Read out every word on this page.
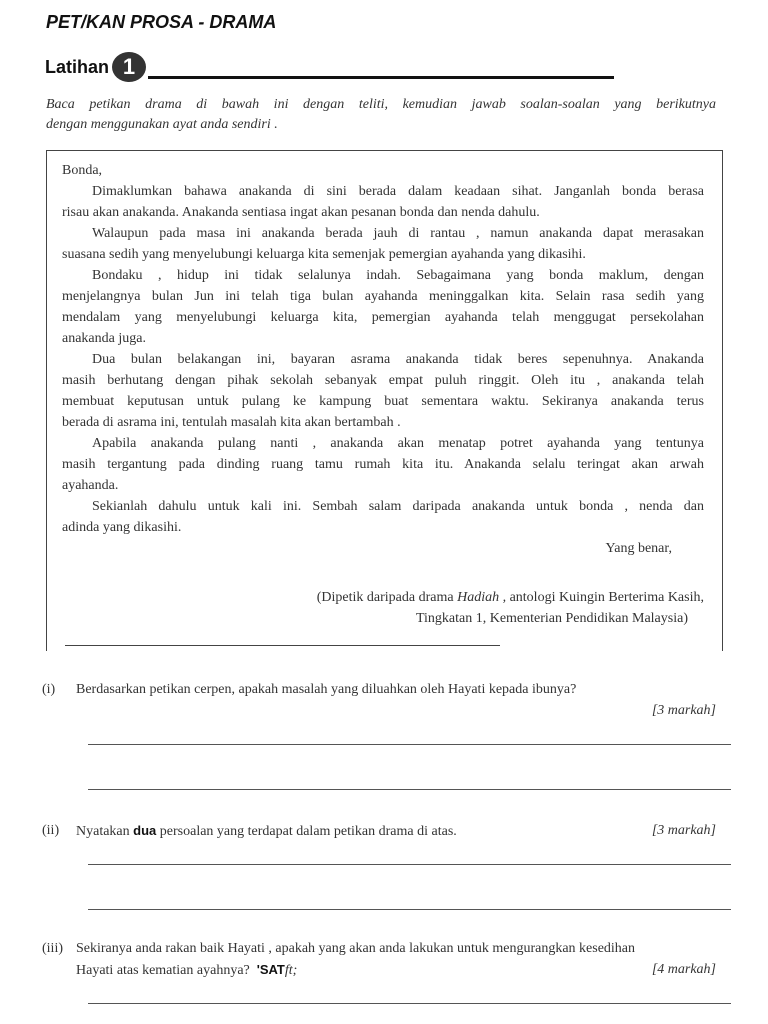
PET/KAN PROSA - DRAMA
Latihan 1
Baca petikan drama di bawah ini dengan teliti, kemudian jawab soalan-soalan yang berikutnya
dengan menggunakan ayat anda sendiri .
Bonda,
Dimaklumkan bahawa anakanda di sini berada dalam keadaan sihat. Janganlah bonda berasa
risau akan anakanda. Anakanda sentiasa ingat akan pesanan bonda dan nenda dahulu.
Walaupun pada masa ini anakanda berada jauh di rantau , namun anakanda dapat merasakan
suasana sedih yang menyelubungi keluarga kita semenjak pemergian ayahanda yang dikasihi.
Bondaku , hidup ini tidak selalunya indah. Sebagaimana yang bonda maklum, dengan
menjelangnya bulan Jun ini telah tiga bulan ayahanda meninggalkan kita. Selain rasa sedih yang
mendalam yang menyelubungi keluarga kita, pemergian ayahanda telah menggugat persekolahan
anakanda juga.
Dua bulan belakangan ini, bayaran asrama anakanda tidak beres sepenuhnya. Anakanda
masih berhutang dengan pihak sekolah sebanyak empat puluh ringgit. Oleh itu , anakanda telah
membuat keputusan untuk pulang ke kampung buat sementara waktu. Sekiranya anakanda terus
berada di asrama ini, tentulah masalah kita akan bertambah .
Apabila anakanda pulang nanti , anakanda akan menatap potret ayahanda yang tentunya
masih tergantung pada dinding ruang tamu rumah kita itu. Anakanda selalu teringat akan arwah
ayahanda.
Sekianlah dahulu untuk kali ini. Sembah salam daripada anakanda untuk bonda , nenda dan
adinda yang dikasihi.
Yang benar,
(Dipetik daripada drama Hadiah , antologi Kuingin Berterima Kasih,
Tingkatan 1, Kementerian Pendidikan Malaysia)
(i) Berdasarkan petikan cerpen, apakah masalah yang diluahkan oleh Hayati kepada ibunya?
[3 markah]
(ii) Nyatakan dua persoalan yang terdapat dalam petikan drama di atas.	[3 markah]
(iii) Sekiranya anda rakan baik Hayati , apakah yang akan anda lakukan untuk mengurangkan kesedihan
Hayati atas kematian ayahnya? 'SATft;	[4 markah]
